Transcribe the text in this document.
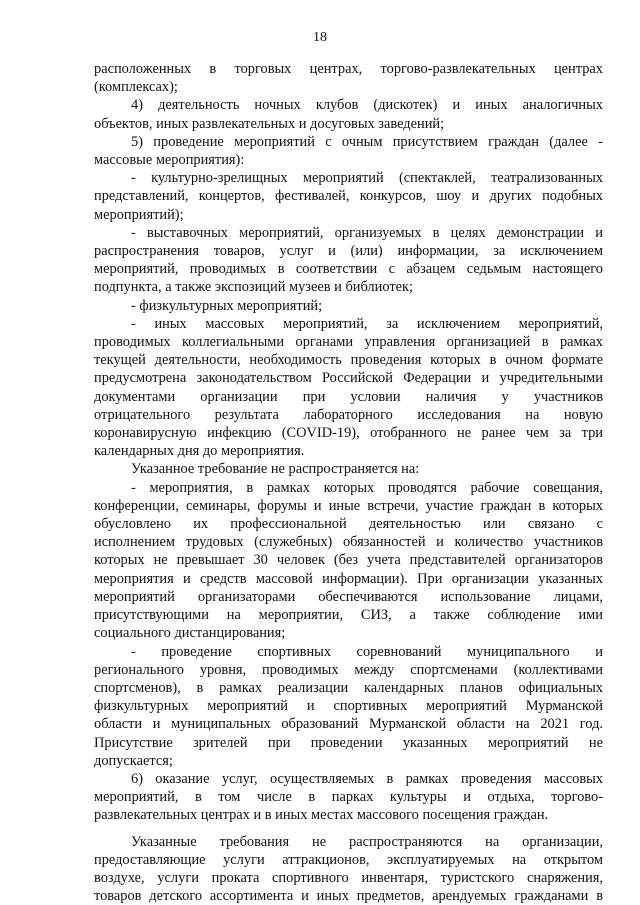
18
расположенных в торговых центрах, торгово-развлекательных центрах
(комплексах);
4) деятельность ночных клубов (дискотек) и иных аналогичных
объектов, иных развлекательных и досуговых заведений;
5) проведение мероприятий с очным присутствием граждан (далее -
массовые мероприятия):
- культурно-зрелищных мероприятий (спектаклей, театрализованных
представлений, концертов, фестивалей, конкурсов, шоу и других подобных
мероприятий);
- выставочных мероприятий, организуемых в целях демонстрации и
распространения товаров, услуг и (или) информации, за исключением
мероприятий, проводимых в соответствии с абзацем седьмым настоящего
подпункта, а также экспозиций музеев и библиотек;
- физкультурных мероприятий;
- иных массовых мероприятий, за исключением мероприятий,
проводимых коллегиальными органами управления организацией в рамках
текущей деятельности, необходимость проведения которых в очном формате
предусмотрена законодательством Российской Федерации и учредительными
документами организации при условии наличия у участников
отрицательного результата лабораторного исследования на новую
коронавирусную инфекцию (COVID-19), отобранного не ранее чем за три
календарных дня до мероприятия.
Указанное требование не распространяется на:
- мероприятия, в рамках которых проводятся рабочие совещания,
конференции, семинары, форумы и иные встречи, участие граждан в которых
обусловлено их профессиональной деятельностью или связано с
исполнением трудовых (служебных) обязанностей и количество участников
которых не превышает 30 человек (без учета представителей организаторов
мероприятия и средств массовой информации). При организации указанных
мероприятий организаторами обеспечиваются использование лицами,
присутствующими на мероприятии, СИЗ, а также соблюдение ими
социального дистанцирования;
- проведение спортивных соревнований муниципального и
регионального уровня, проводимых между спортсменами (коллективами
спортсменов), в рамках реализации календарных планов официальных
физкультурных мероприятий и спортивных мероприятий Мурманской
области и муниципальных образований Мурманской области на 2021 год.
Присутствие зрителей при проведении указанных мероприятий не
допускается;
6) оказание услуг, осуществляемых в рамках проведения массовых
мероприятий, в том числе в парках культуры и отдыха, торгово-
развлекательных центрах и в иных местах массового посещения граждан.
Указанные требования не распространяются на организации,
предоставляющие услуги аттракционов, эксплуатируемых на открытом
воздухе, услуги проката спортивного инвентаря, туристского снаряжения,
товаров детского ассортимента и иных предметов, арендуемых гражданами в
